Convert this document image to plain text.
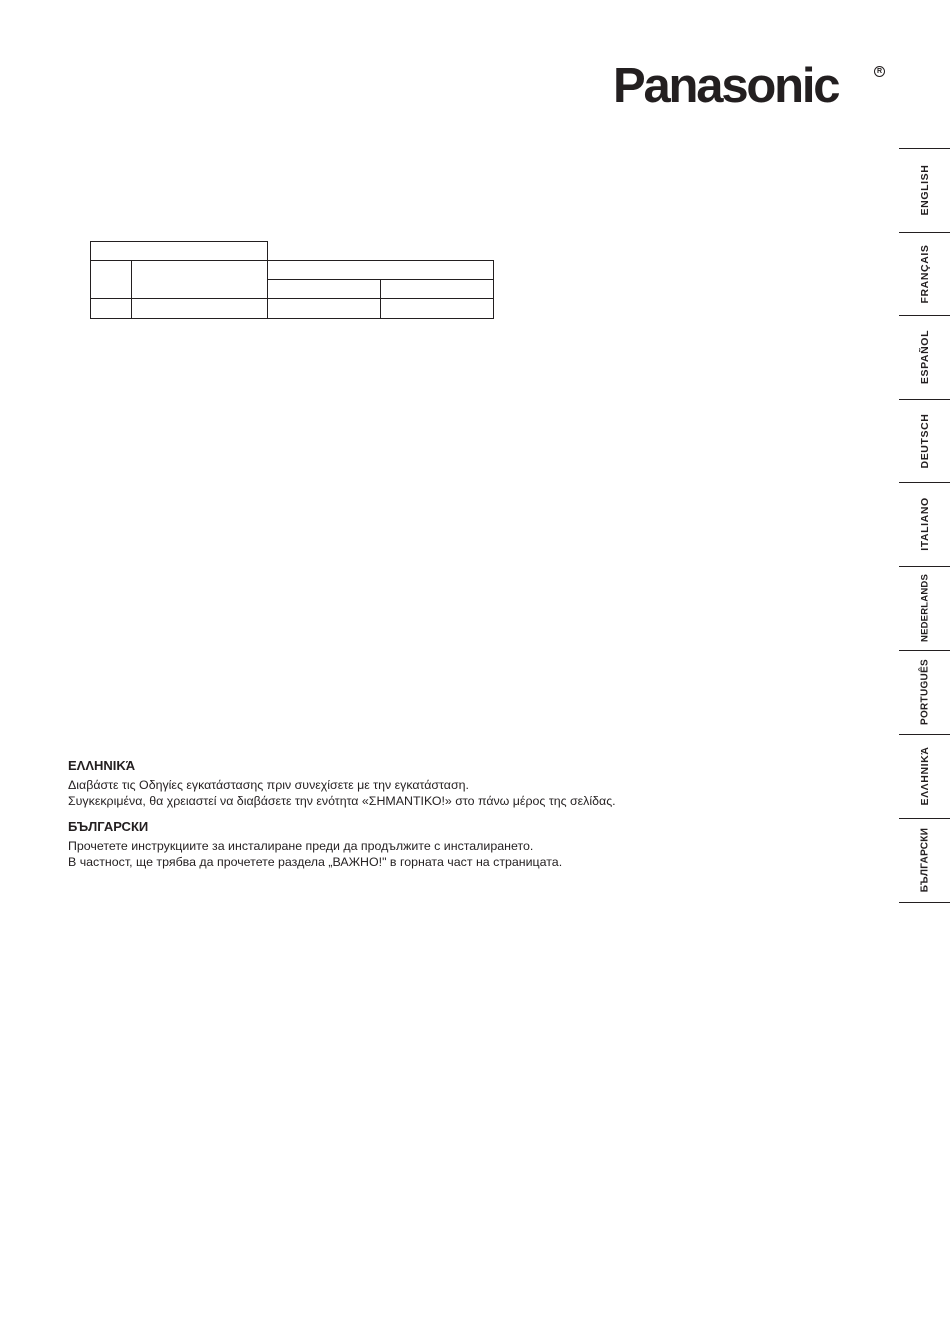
Panasonic	R
ENGLISH
FRANÇAIS
ESPAÑOL
DEUTSCH
ITALIANO
NEDERLANDS
PORTUGUÊS
ΕΛΛΗΝΙΚΆ
БЪЛГАРСКИ
ΕΛΛΗΝΙΚΆ

Διαβάστε τις Οδηγίες εγκατάστασης πριν συνεχίσετε με την εγκατάσταση.

Συγκεκριμένα, θα χρειαστεί να διαβάσετε την ενότητα «ΣΗΜΑΝΤΙΚΟ!» στο πάνω μέρος της σελίδας.

БЪЛГАРСКИ

Прочетете инструкциите за инсталиране преди да продължите с инсталирането.

В частност, ще трябва да прочетете раздела „ВАЖНО!" в горната част на страницата.
